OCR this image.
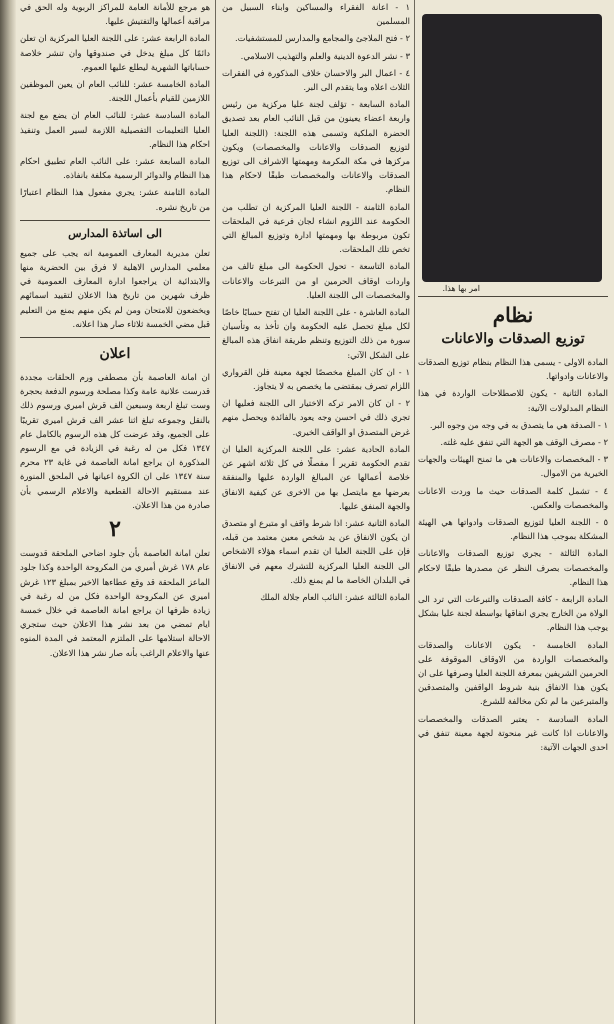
هو مرجع للأمانة العامة للمراكز الربوية وله الحق في مراقبة أعمالها والتفتيش عليها.

المادة الرابعة عشر: على اللجنة العليا المركزية ان تعلن دائمًا كل مبلغ يدخل في صندوقها وان تنشر خلاصة حساباتها الشهرية ليطلع عليها العموم.

المادة الخامسة عشر: للنائب العام ان يعين الموظفين اللازمين للقيام بأعمال اللجنة.

المادة السادسة عشر: للنائب العام ان يضع مع لجنة العليا التعليمات التفصيلية اللازمة لسير العمل وتنفيذ احكام هذا النظام.

المادة السابعة عشر: على النائب العام تطبيق احكام هذا النظام والدوائر الرسمية مكلفة بانفاذه.

المادة الثامنة عشر: يجري مفعول هذا النظام اعتبارًا من تاريخ نشره.

الى اساتذة المدارس

تعلن مديرية المعارف العمومية انه يجب على جميع معلمي المدارس الاهلية لا فرق بين الحضرية منها والابتدائية ان يراجعوا ادارة المعارف العمومية في ظرف شهرين من تاريخ هذا الاعلان لتقييد اسمائهم ويخضعون للامتحان ومن لم يكن منهم يمنع من التعليم قبل مضي الخمسة ثلاثاء صار هذا اعلانه.

اعلان

ان امانة العاصمة بأن مصطفى ورم الحلقات مجددة قدرست علانية عامة وكذا مصلحة ورسوم الدفعة بحجرة وست تبلغ اربعة وسبعين الف قرش اميري ورسوم ذلك بالنقل وجموعه تبلغ اثنا عشر الف قرش اميري تقريبًا على الجميع، وقد عرضت كل هذه الرسوم بالكامل عام ١٣٤٧ فكل من له رغبة في الزيادة في مع الرسوم المذكورة ان يراجع امانة العاصمة في غاية ٢٣ محرم سنة ١٣٤٧ على ان الكروة اعيانها في الملحق المنورة عند مستقيم الاحالة القطعية والاعلام الرسمي بأن صادرة من هذا الاعلان.

٢

تعلن امانة العاصمة بأن جلود اضاحي الملحقة قدوست عام ١٧٨ غرش أميري من المكروحة الواحدة وكذا جلود الماعز الملحقة قد وقع عطاءها الاخير بمبلغ ١٢٣ غرش اميري عن المكروحة الواحدة فكل من له رغبة في زيادة ظرفها ان يراجع امانة العاصمة في خلال خمسة ايام تمضي من بعد نشر هذا الاعلان حيث ستجري الاحالة استلامها على الملتزم المعتمد في المدة المنوه عنها والاعلام الراغب بأنه صار نشر هذا الاعلان.

١ - اعانة الفقراء والمساكين وابناء السبيل من المسلمين

٢ - فتح الملاجئ والمجامع والمدارس للمستشفيات.

٣ - نشر الدعوة الدينية والعلم والتهذيب الاسلامي.

٤ - اعمال البر والاحسان خلاف المذكورة في الفقرات الثلاث اعلاه وما يتقدم الى البر.

المادة السابعة - تؤلف لجنة عليا مركزية من رئيس واربعة اعضاء يعينون من قبل النائب العام بعد تصديق الحضرة الملكية وتسمى هذه اللجنة: (اللجنة العليا لتوزيع الصدقات والاعانات والمخصصات) ويكون مركزها في مكة المكرمة ومهمتها الاشراف الى توزيع الصدقات والاعانات والمخصصات طبقًا لاحكام هذا النظام.

المادة الثامنة - اللجنة العليا المركزية ان تطلب من الحكومة عند اللزوم انشاء لجان فرعية في الملحقات تكون مربوطة بها ومهمتها ادارة وتوزيع المبالغ التي تخص تلك الملحقات.

المادة التاسعة - تحول الحكومة الى مبلغ تالف من واردات اوقاف الحرمين او من التبرعات والاعانات والمخصصات الى اللجنة العليا.

المادة العاشرة - على اللجنة العليا ان تفتح حسابًا خاصًا لكل مبلغ تحصل عليه الحكومة وان تأخذ به وتأسيان سورة من ذلك التوزيع وتنظم طريقة انفاق هذه المبالغ على الشكل الآتي:

١ - ان كان المبلغ مخصصًا لجهة معينة فلن القرواري اللزام تصرف بمقتضى ما يخصص به لا يتجاوز.

٢ - ان كان الامر تركه الاختيار الى اللجنة فعليها ان تجري ذلك في احسن وجه يعود بالفائدة ويحصل منهم غرض المتصدق او الواقف الخيري.

المادة الحادية عشر: على اللجنة المركزية العليا ان تقدم الحكومة تقرير أ مفصلًا في كل ثلاثة اشهر عن خلاصة أعمالها عن المبالغ الواردة عليها والمنفقة بعرضها مع مايتصل بها من الاخرى عن كيفية الانفاق والجهة المنفق عليها.

المادة الثانية عشر: اذا شرط واقف او متبرع او متصدق ان يكون الانفاق عن يد شخص معين معتمد من قبله، فإن على اللجنة العليا ان تقدم اسماء هؤلاء الاشخاص الى اللجنة العليا المركزية للتشرك معهم في الانفاق في البلدان الخاصة ما لم يمنع ذلك.

المادة الثالثة عشر: النائب العام جلالة الملك

نظام
توزيع الصدقات والاعانات

المادة الاولى - يسمى هذا النظام بنظام توزيع الصدقات والاعانات وادواتها.

المادة الثانية - يكون للاصطلاحات الواردة في هذا النظام المدلولات الآتية:

١ - الصدقة هي ما يتصدق به في وجه من وجوه البر.

٢ - مصرف الوقف هو الجهة التي تنفق عليه غلته.

٣ - المخصصات والاعانات هي ما تمنح الهيئات والجهات الخيرية من الاموال.

٤ - تشمل كلمة الصدقات حيث ما وردت الاعانات والمخصصات والعكس.

٥ - اللجنة العليا لتوزيع الصدقات وادواتها هي الهيئة المشكلة بموجب هذا النظام.

المادة الثالثة - يجري توزيع الصدقات والاعانات والمخصصات بصرف النظر عن مصدرها طبقًا لاحكام هذا النظام.

المادة الرابعة - كافة الصدقات والتبرعات التي ترد الى الولاة من الخارج يجري انفاقها بواسطة لجنة عليا بشكل يوجب هذا النظام.

المادة الخامسة - يكون الاعانات والصدقات والمخصصات الواردة من الاوقاف الموقوفة على الحرمين الشريفين بمعرفة اللجنة العليا وصرفها على ان يكون هذا الانفاق بنية شروط الواقفين والمتصدقين والمتبرعين ما لم تكن مخالفة للشرع.

المادة السادسة - يعتبر الصدقات والمخصصات والاعانات اذا كانت غير منحوتة لجهة معينة تنفق في احدى الجهات الآتية:

امر بها هذا.
